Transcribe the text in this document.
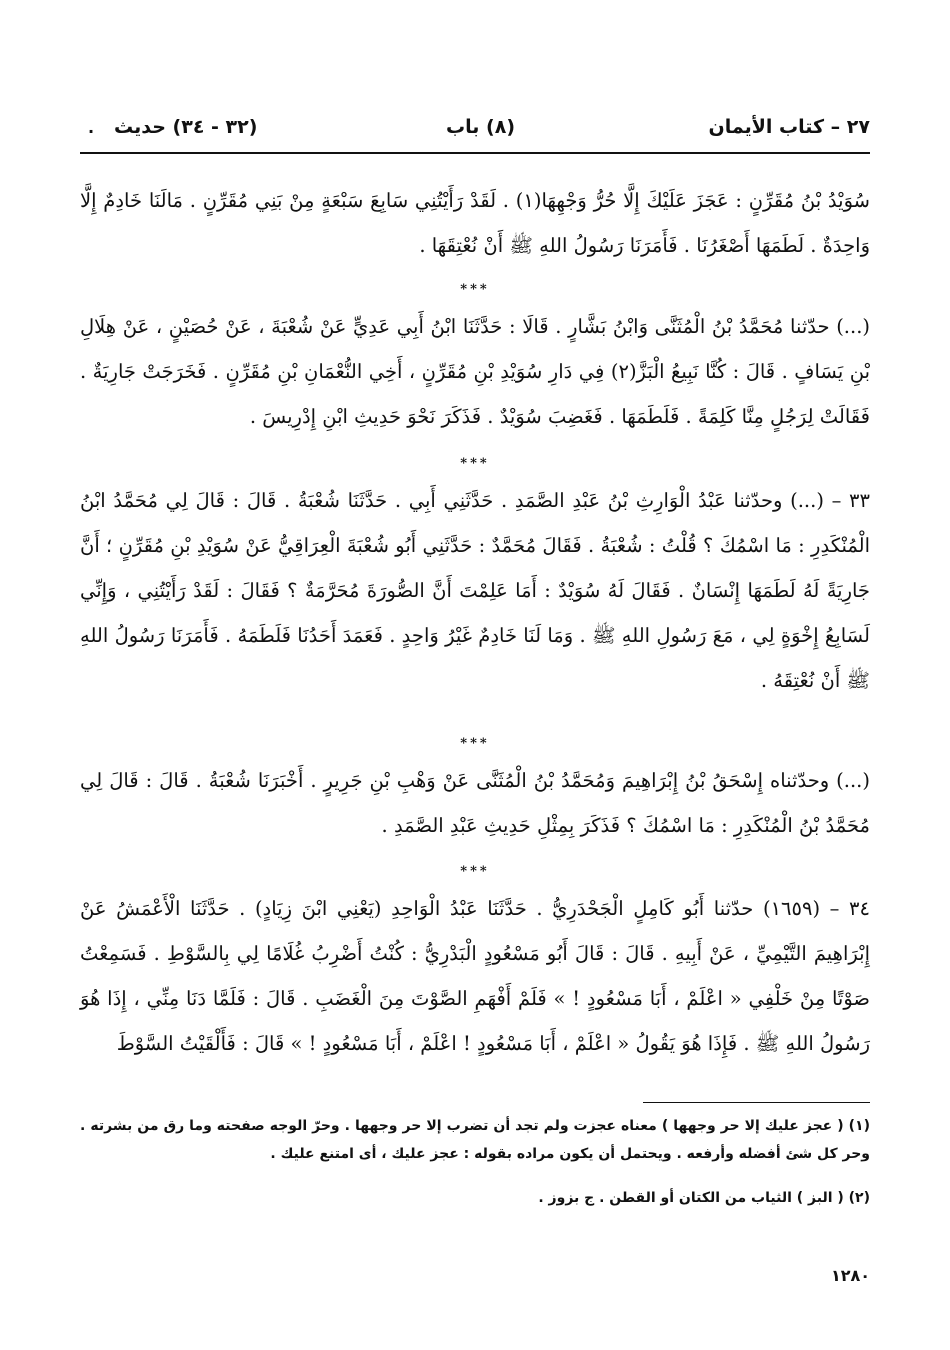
٢٧ – كتاب الأيمان
(٨) باب
(٣٢ - ٣٤) حديث
.

سُوَيْدُ بْنُ مُقَرِّنٍ : عَجَزَ عَلَيْكَ إِلَّا حُرُّ وَجْهِهَا(١) . لَقَدْ رَأَيْتُنِي سَابِعَ سَبْعَةٍ مِنْ بَنِي مُقَرِّنٍ . مَالَنَا خَادِمٌ إِلَّا وَاحِدَةٌ . لَطَمَهَا أَصْغَرُنَا . فَأَمَرَنَا رَسُولُ اللهِ ﷺ أَنْ نُعْتِقَهَا .

***

(...) حدّثنا مُحَمَّدُ بْنُ الْمُثَنَّى وَابْنُ بَشَّارٍ . قَالَا : حَدَّثَنَا ابْنُ أَبِي عَدِيٍّ عَنْ شُعْبَةَ ، عَنْ حُصَيْنٍ ، عَنْ هِلَالِ بْنِ يَسَافٍ . قَالَ : كُنَّا نَبِيعُ الْبَزَّ(٢) فِي دَارِ سُوَيْدِ بْنِ مُقَرِّنٍ ، أَخِي النُّعْمَانِ بْنِ مُقَرِّنٍ . فَخَرَجَتْ جَارِيَةٌ . فَقَالَتْ لِرَجُلٍ مِنَّا كَلِمَةً . فَلَطَمَهَا . فَغَضِبَ سُوَيْدٌ . فَذَكَرَ نَحْوَ حَدِيثِ ابْنِ إِدْرِيسَ .

***

٣٣ – (...) وحدّثنا عَبْدُ الْوَارِثِ بْنُ عَبْدِ الصَّمَدِ . حَدَّثَنِي أَبِي . حَدَّثَنَا شُعْبَةُ . قَالَ : قَالَ لِي مُحَمَّدُ ابْنُ الْمُنْكَدِرِ : مَا اسْمُكَ ؟ قُلْتُ : شُعْبَةُ . فَقَالَ مُحَمَّدٌ : حَدَّثَنِي أَبُو شُعْبَةَ الْعِرَاقِيُّ عَنْ سُوَيْدِ بْنِ مُقَرِّنٍ ؛ أَنَّ جَارِيَةً لَهُ لَطَمَهَا إِنْسَانٌ . فَقَالَ لَهُ سُوَيْدٌ : أَمَا عَلِمْتَ أَنَّ الصُّورَةَ مُحَرَّمَةٌ ؟ فَقَالَ : لَقَدْ رَأَيْتُنِي ، وَإِنِّي لَسَابِعُ إِخْوَةٍ لِي ، مَعَ رَسُولِ اللهِ ﷺ . وَمَا لَنَا خَادِمٌ غَيْرُ وَاحِدٍ . فَعَمَدَ أَحَدُنَا فَلَطَمَهُ . فَأَمَرَنَا رَسُولُ اللهِ ﷺ أَنْ نُعْتِقَهُ .

***

(...) وحدّثناه إِسْحَقُ بْنُ إِبْرَاهِيمَ وَمُحَمَّدُ بْنُ الْمُثَنَّى عَنْ وَهْبِ بْنِ جَرِيرٍ . أَخْبَرَنَا شُعْبَةُ . قَالَ : قَالَ لِي مُحَمَّدُ بْنُ الْمُنْكَدِرِ : مَا اسْمُكَ ؟ فَذَكَرَ بِمِثْلِ حَدِيثِ عَبْدِ الصَّمَدِ .

***

٣٤ – (١٦٥٩) حدّثنا أَبُو كَامِلٍ الْجَحْدَرِيُّ . حَدَّثَنَا عَبْدُ الْوَاحِدِ (يَعْنِي ابْنَ زِيَادٍ) . حَدَّثَنَا الْأَعْمَشُ عَنْ إِبْرَاهِيمَ التَّيْمِيِّ ، عَنْ أَبِيهِ . قَالَ : قَالَ أَبُو مَسْعُودٍ الْبَدْرِيُّ : كُنْتُ أَضْرِبُ غُلَامًا لِي بِالسَّوْطِ . فَسَمِعْتُ صَوْتًا مِنْ خَلْفِي « اعْلَمْ ، أَبَا مَسْعُودٍ ! » فَلَمْ أَفْهَمِ الصَّوْتَ مِنَ الْغَضَبِ . قَالَ : فَلَمَّا دَنَا مِنِّي ، إِذَا هُوَ رَسُولُ اللهِ ﷺ . فَإِذَا هُوَ يَقُولُ « اعْلَمْ ، أَبَا مَسْعُودٍ ! اعْلَمْ ، أَبَا مَسْعُودٍ ! » قَالَ : فَأَلْقَيْتُ السَّوْطَ

(١) ( عجز عليك إلا حر وجهها ) معناه عجزت ولم تجد أن تضرب إلا حر وجهها . وحرّ الوجه صفحته وما رق من بشرته . وحر كل شئ أفضله وأرفعه . ويحتمل أن يكون مراده بقوله : عجز عليك ، أى امتنع عليك .

(٢) ( البز ) الثياب من الكتان أو القطن . ج بزوز .

١٢٨٠
